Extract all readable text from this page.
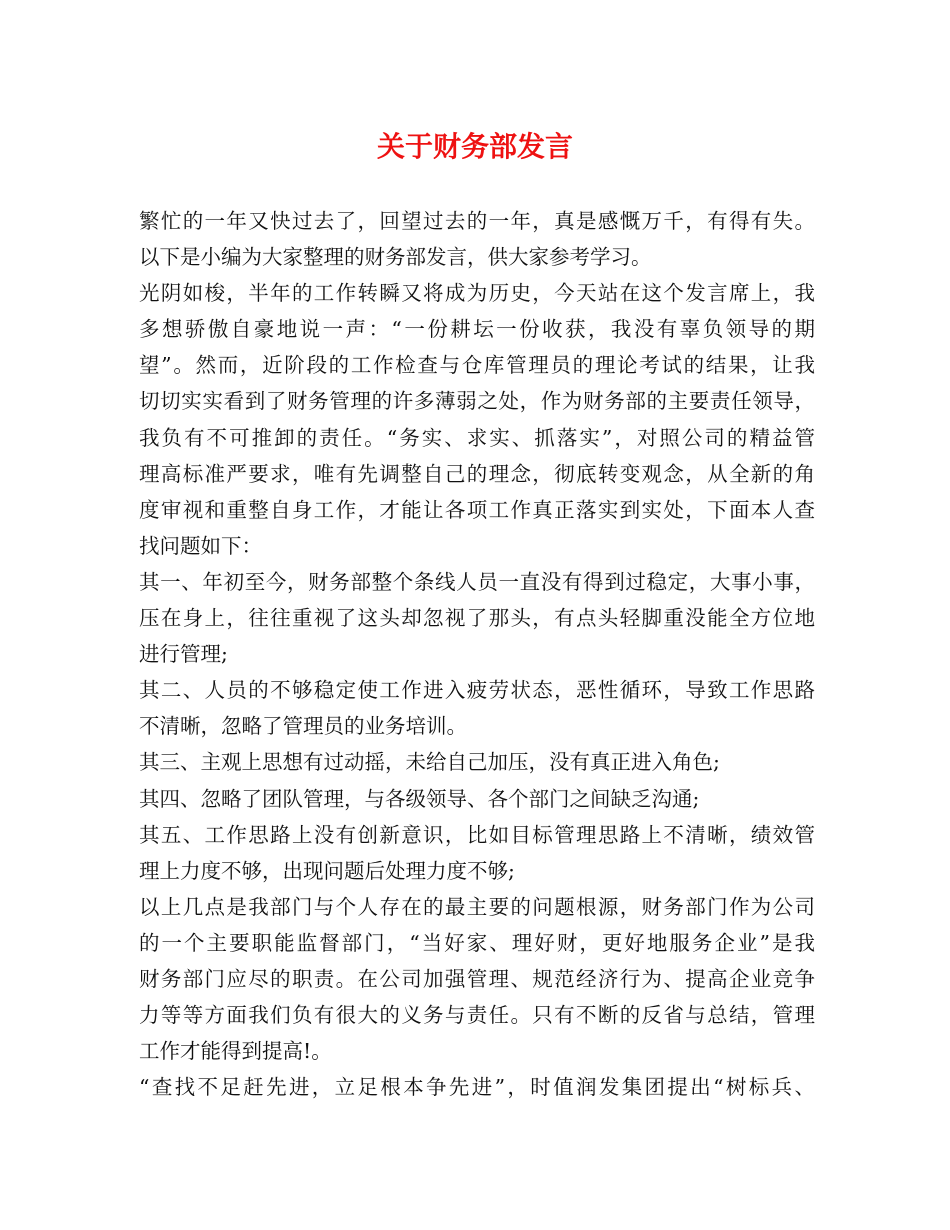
关于财务部发言
繁忙的一年又快过去了，回望过去的一年，真是感慨万千，有得有失。
以下是小编为大家整理的财务部发言，供大家参考学习。
光阴如梭，半年的工作转瞬又将成为历史，今天站在这个发言席上，我
多想骄傲自豪地说一声：“一份耕坛一份收获，我没有辜负领导的期
望”。然而，近阶段的工作检查与仓库管理员的理论考试的结果，让我
切切实实看到了财务管理的许多薄弱之处，作为财务部的主要责任领导，
我负有不可推卸的责任。“务实、求实、抓落实”，对照公司的精益管
理高标准严要求，唯有先调整自己的理念，彻底转变观念，从全新的角
度审视和重整自身工作，才能让各项工作真正落实到实处，下面本人查
找问题如下：
其一、年初至今，财务部整个条线人员一直没有得到过稳定，大事小事，
压在身上，往往重视了这头却忽视了那头，有点头轻脚重没能全方位地
进行管理;
其二、人员的不够稳定使工作进入疲劳状态，恶性循环，导致工作思路
不清晰，忽略了管理员的业务培训。
其三、主观上思想有过动摇，未给自己加压，没有真正进入角色;
其四、忽略了团队管理，与各级领导、各个部门之间缺乏沟通;
其五、工作思路上没有创新意识，比如目标管理思路上不清晰，绩效管
理上力度不够，出现问题后处理力度不够;
以上几点是我部门与个人存在的最主要的问题根源，财务部门作为公司
的一个主要职能监督部门，“当好家、理好财，更好地服务企业”是我
财务部门应尽的职责。在公司加强管理、规范经济行为、提高企业竞争
力等等方面我们负有很大的义务与责任。只有不断的反省与总结，管理
工作才能得到提高!。
“查找不足赶先进，立足根本争先进”，时值润发集团提出“树标兵、
